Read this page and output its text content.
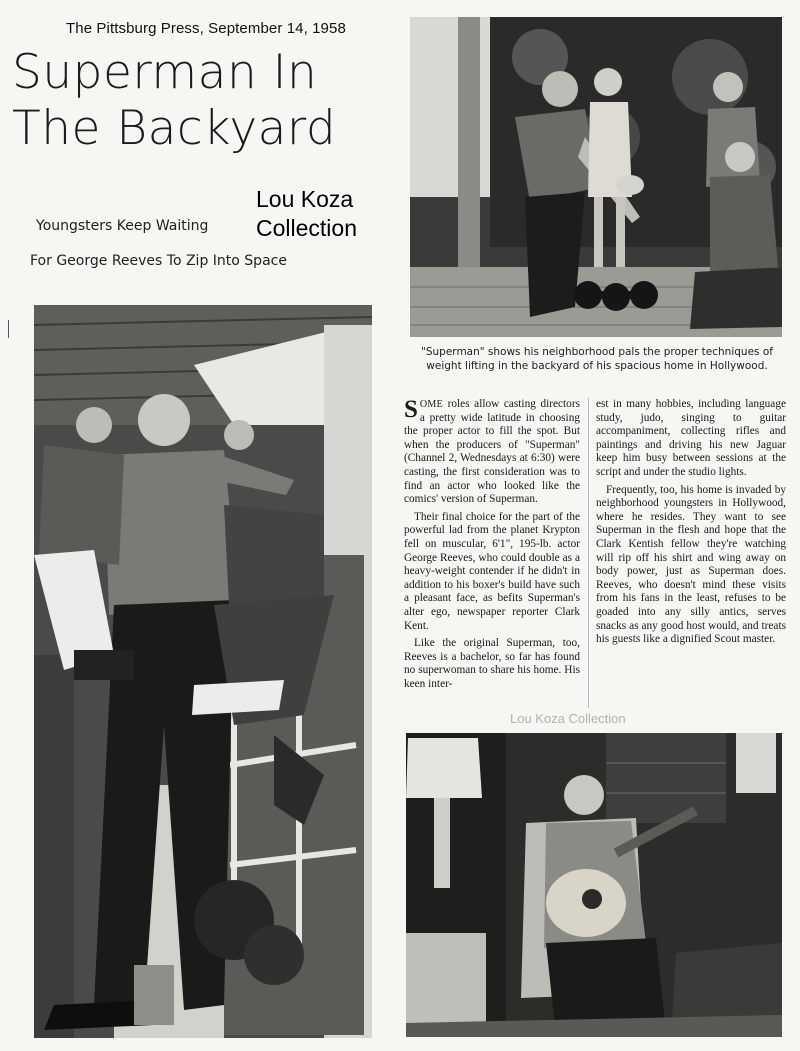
The Pittsburg Press, September 14, 1958
Superman In
The Backyard
Lou Koza
Collection
Youngsters Keep Waiting
For George Reeves To Zip Into Space
"Superman" shows his neighborhood pals the proper techniques of weight lifting in the backyard of his spacious home in Hollywood.

SOME roles allow casting directors a pretty wide latitude in choosing the proper actor to fill the spot. But when the producers of "Superman" (Channel 2, Wednesdays at 6:30) were casting, the first consideration was to find an actor who looked like the comics' version of Superman.

Their final choice for the part of the powerful lad from the planet Krypton fell on muscular, 6'1", 195-lb. actor George Reeves, who could double as a heavy-weight contender if he didn't in addition to his boxer's build have such a pleasant face, as befits Superman's alter ego, newspaper reporter Clark Kent.

Like the original Superman, too, Reeves is a bachelor, so far has found no superwoman to share his home. His keen inter-

est in many hobbies, including language study, judo, singing to guitar accompaniment, collecting rifles and paintings and driving his new Jaguar keep him busy between sessions at the script and under the studio lights.

Frequently, too, his home is invaded by neighborhood youngsters in Hollywood, where he resides. They want to see Superman in the flesh and hope that the Clark Kentish fellow they're watching will rip off his shirt and wing away on body power, just as Superman does. Reeves, who doesn't mind these visits from his fans in the least, refuses to be goaded into any silly antics, serves snacks as any good host would, and treats his guests like a dignified Scout master.

Lou Koza Collection
